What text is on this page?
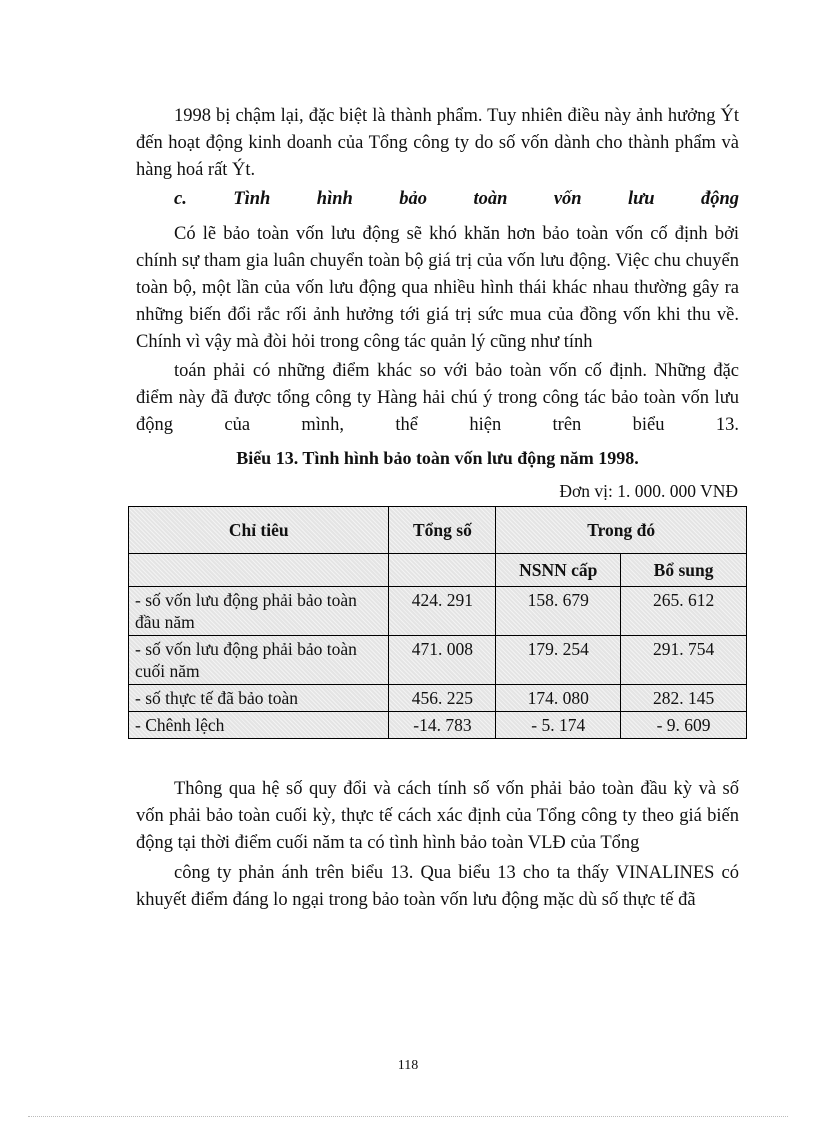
1998 bị chậm lại, đặc biệt là thành phẩm. Tuy nhiên điều này ảnh hưởng Ýt đến hoạt động kinh doanh của Tổng công ty do số vốn dành cho thành phẩm và hàng hoá rất Ýt.

c.	Tình	hình	bảo	toàn	vốn	lưu	động

Có lẽ bảo toàn vốn lưu động sẽ khó khăn hơn bảo toàn vốn cố định bởi chính sự tham gia luân chuyển toàn bộ giá trị của vốn lưu động. Việc chu chuyển toàn bộ, một lần của vốn lưu động qua nhiều hình thái khác nhau thường gây ra những biến đổi rắc rối ảnh hưởng tới giá trị sức mua của đồng vốn khi thu về. Chính vì vậy mà đòi hỏi trong công tác quản lý cũng như tính

toán phải có những điểm khác so với bảo toàn vốn cố định. Những đặc điểm này đã được tổng công ty Hàng hải chú ý trong công tác bảo toàn vốn lưu động của mình, thể hiện trên biểu 13.

Biểu 13. Tình hình bảo toàn vốn lưu động năm 1998.
Đơn vị: 1. 000. 000 VNĐ
Chỉ tiêu	Tổng số	Trong đó	
		NSNN cấp	Bổ sung
- số vốn lưu động phải bảo toàn đầu năm	424. 291	158. 679	265. 612
- số vốn lưu động phải bảo toàn cuối năm	471. 008	179. 254	291. 754
- số thực tế đã bảo toàn	456. 225	174. 080	282. 145
- Chênh lệch	-14. 783	- 5. 174	- 9. 609

Thông qua hệ số quy đổi và cách tính số vốn phải bảo toàn đầu kỳ và số vốn phải bảo toàn cuối kỳ, thực tế cách xác định của Tổng công ty theo giá biến động tại thời điểm cuối năm ta có tình hình bảo toàn VLĐ của Tổng

công ty phản ánh trên biểu 13. Qua biểu 13 cho ta thấy VINALINES có khuyết điểm đáng lo ngại trong bảo toàn vốn lưu động mặc dù số thực tế đã

118
